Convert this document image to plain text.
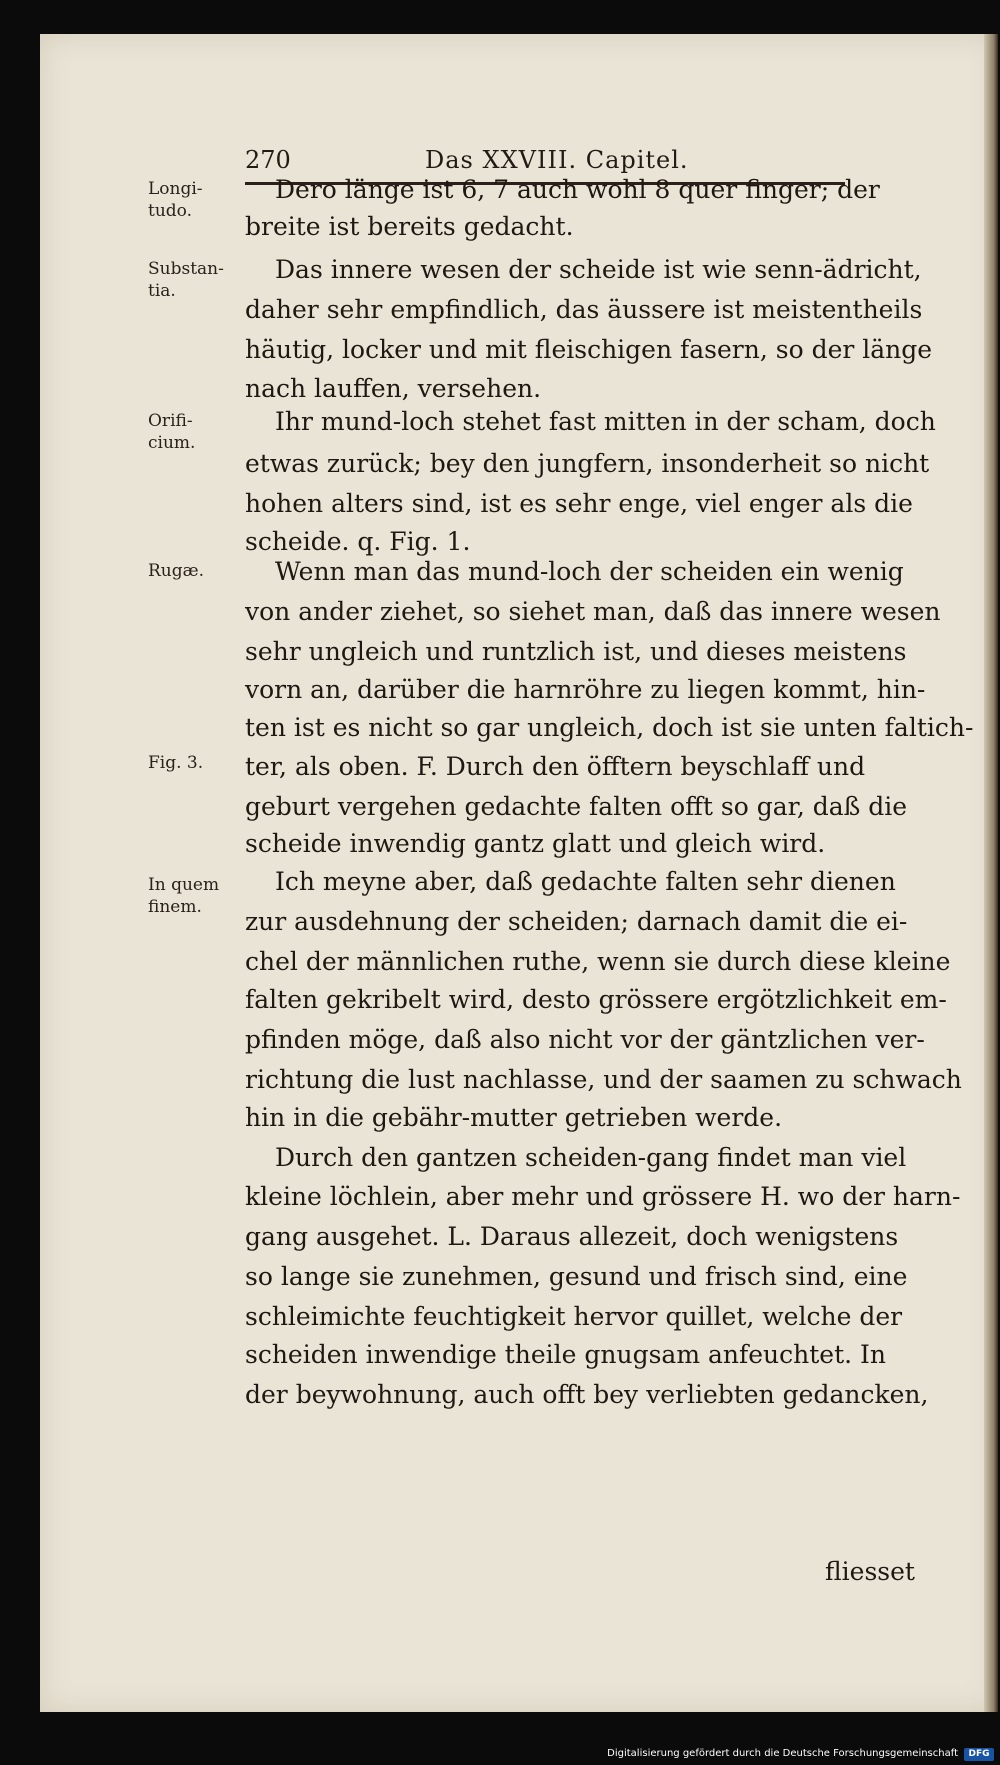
270	Das XXVIII. Capitel.
Longi-
tudo.
Substan-
tia.
Orifi-
cium.
Rugæ.
Fig. 3.
In quem
finem.
Dero länge ist 6, 7 auch wohl 8 quer finger; der
breite ist bereits gedacht.
Das innere wesen der scheide ist wie senn-ädricht,
daher sehr empfindlich, das äussere ist meistentheils
häutig, locker und mit fleischigen fasern, so der länge
nach lauffen, versehen.
Ihr mund-loch stehet fast mitten in der scham, doch
etwas zurück; bey den jungfern, insonderheit so nicht
hohen alters sind, ist es sehr enge, viel enger als die
scheide. q. Fig. 1.
Wenn man das mund-loch der scheiden ein wenig
von ander ziehet, so siehet man, daß das innere wesen
sehr ungleich und runtzlich ist, und dieses meistens
vorn an, darüber die harnröhre zu liegen kommt, hin-
ten ist es nicht so gar ungleich, doch ist sie unten faltich-
ter, als oben. F. Durch den öfftern beyschlaff und
geburt vergehen gedachte falten offt so gar, daß die
scheide inwendig gantz glatt und gleich wird.
Ich meyne aber, daß gedachte falten sehr dienen
zur ausdehnung der scheiden; darnach damit die ei-
chel der männlichen ruthe, wenn sie durch diese kleine
falten gekribelt wird, desto grössere ergötzlichkeit em-
pfinden möge, daß also nicht vor der gäntzlichen ver-
richtung die lust nachlasse, und der saamen zu schwach
hin in die gebähr-mutter getrieben werde.
Durch den gantzen scheiden-gang findet man viel
kleine löchlein, aber mehr und grössere H. wo der harn-
gang ausgehet. L. Daraus allezeit, doch wenigstens
so lange sie zunehmen, gesund und frisch sind, eine
schleimichte feuchtigkeit hervor quillet, welche der
scheiden inwendige theile gnugsam anfeuchtet. In
der beywohnung, auch offt bey verliebten gedancken,
fliesset
Digitalisierung gefördert durch die Deutsche Forschungsgemeinschaft	DFG
